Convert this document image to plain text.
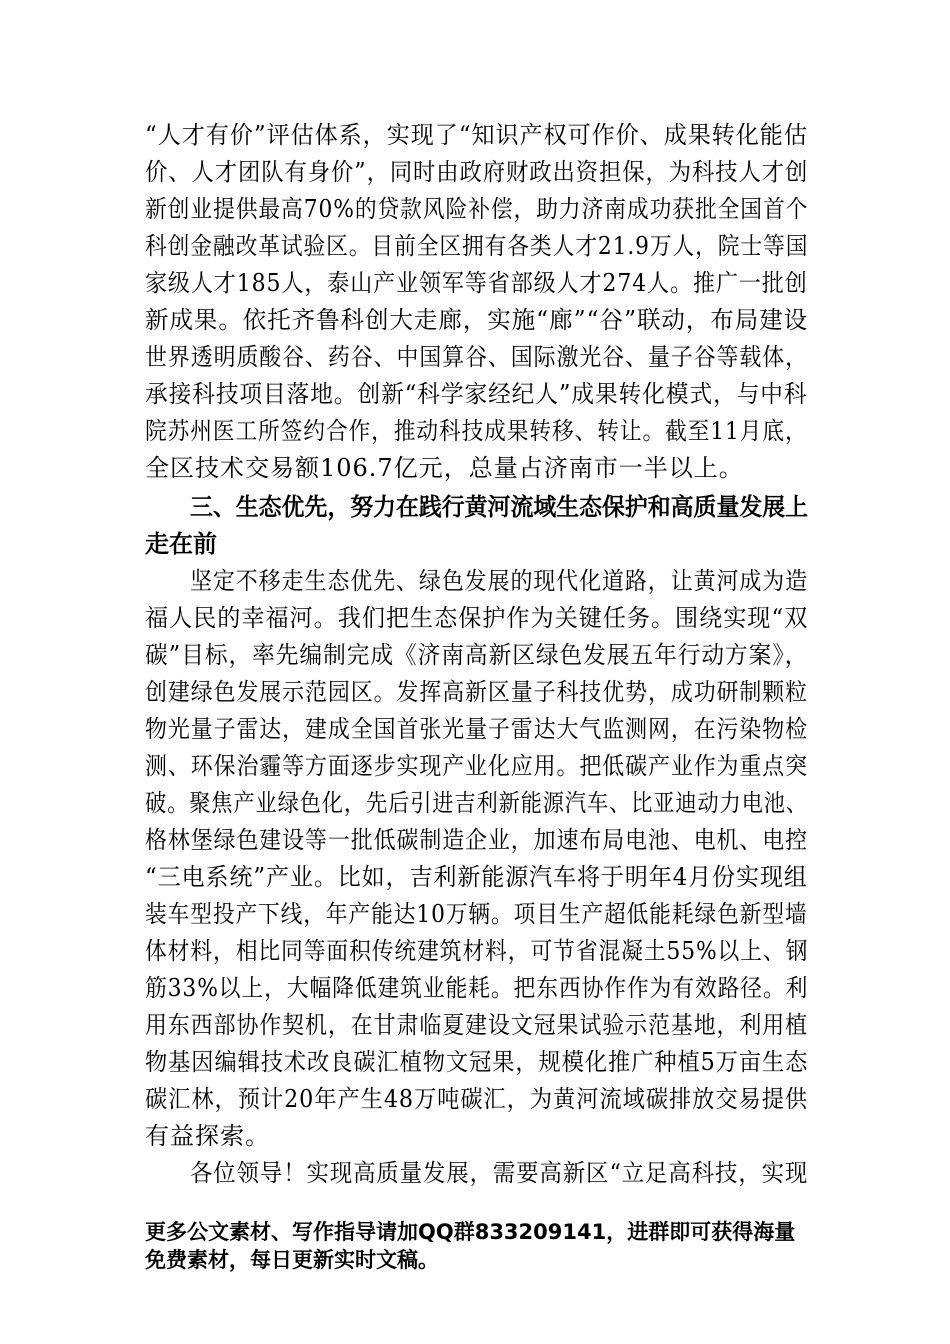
“人才有价”评估体系，实现了“知识产权可作价、成果转化能估
价、人才团队有身价”，同时由政府财政出资担保，为科技人才创
新创业提供最高70%的贷款风险补偿，助力济南成功获批全国首个
科创金融改革试验区。目前全区拥有各类人才21.9万人，院士等国
家级人才185人，泰山产业领军等省部级人才274人。推广一批创
新成果。依托齐鲁科创大走廊，实施“廊”“谷”联动，布局建设
世界透明质酸谷、药谷、中国算谷、国际激光谷、量子谷等载体，
承接科技项目落地。创新“科学家经纪人”成果转化模式，与中科
院苏州医工所签约合作，推动科技成果转移、转让。截至11月底，
全区技术交易额106.7亿元，总量占济南市一半以上。
三、生态优先，努力在践行黄河流域生态保护和高质量发展上
走在前
坚定不移走生态优先、绿色发展的现代化道路，让黄河成为造
福人民的幸福河。我们把生态保护作为关键任务。围绕实现“双
碳”目标，率先编制完成《济南高新区绿色发展五年行动方案》，
创建绿色发展示范园区。发挥高新区量子科技优势，成功研制颗粒
物光量子雷达，建成全国首张光量子雷达大气监测网，在污染物检
测、环保治霾等方面逐步实现产业化应用。把低碳产业作为重点突
破。聚焦产业绿色化，先后引进吉利新能源汽车、比亚迪动力电池、
格林堡绿色建设等一批低碳制造企业，加速布局电池、电机、电控
“三电系统”产业。比如，吉利新能源汽车将于明年4月份实现组
装车型投产下线，年产能达10万辆。项目生产超低能耗绿色新型墙
体材料，相比同等面积传统建筑材料，可节省混凝土55%以上、钢
筋33%以上，大幅降低建筑业能耗。把东西协作作为有效路径。利
用东西部协作契机，在甘肃临夏建设文冠果试验示范基地，利用植
物基因编辑技术改良碳汇植物文冠果，规模化推广种植5万亩生态
碳汇林，预计20年产生48万吨碳汇，为黄河流域碳排放交易提供
有益探索。
各位领导！实现高质量发展，需要高新区“立足高科技，实现
更多公文素材、写作指导请加QQ群833209141，进群即可获得海量
免费素材，每日更新实时文稿。
